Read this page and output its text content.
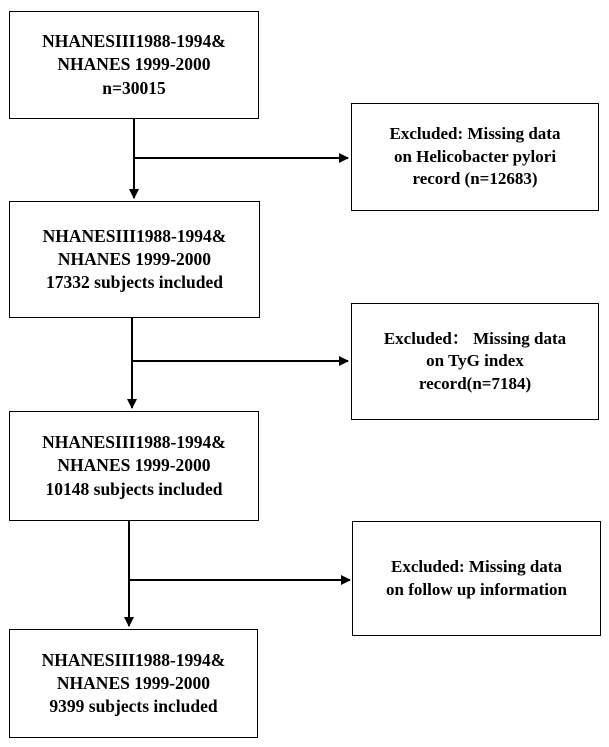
NHANESIII1988-1994&
NHANES 1999-2000
n=30015
NHANESIII1988-1994&
NHANES 1999-2000
17332 subjects included
NHANESIII1988-1994&
NHANES 1999-2000
10148 subjects included
NHANESIII1988-1994&
NHANES 1999-2000
9399 subjects included
Excluded: Missing data
on Helicobacter pylori
record (n=12683)
Excluded： Missing data
on TyG index
record(n=7184)
Excluded: Missing data
on follow up information
